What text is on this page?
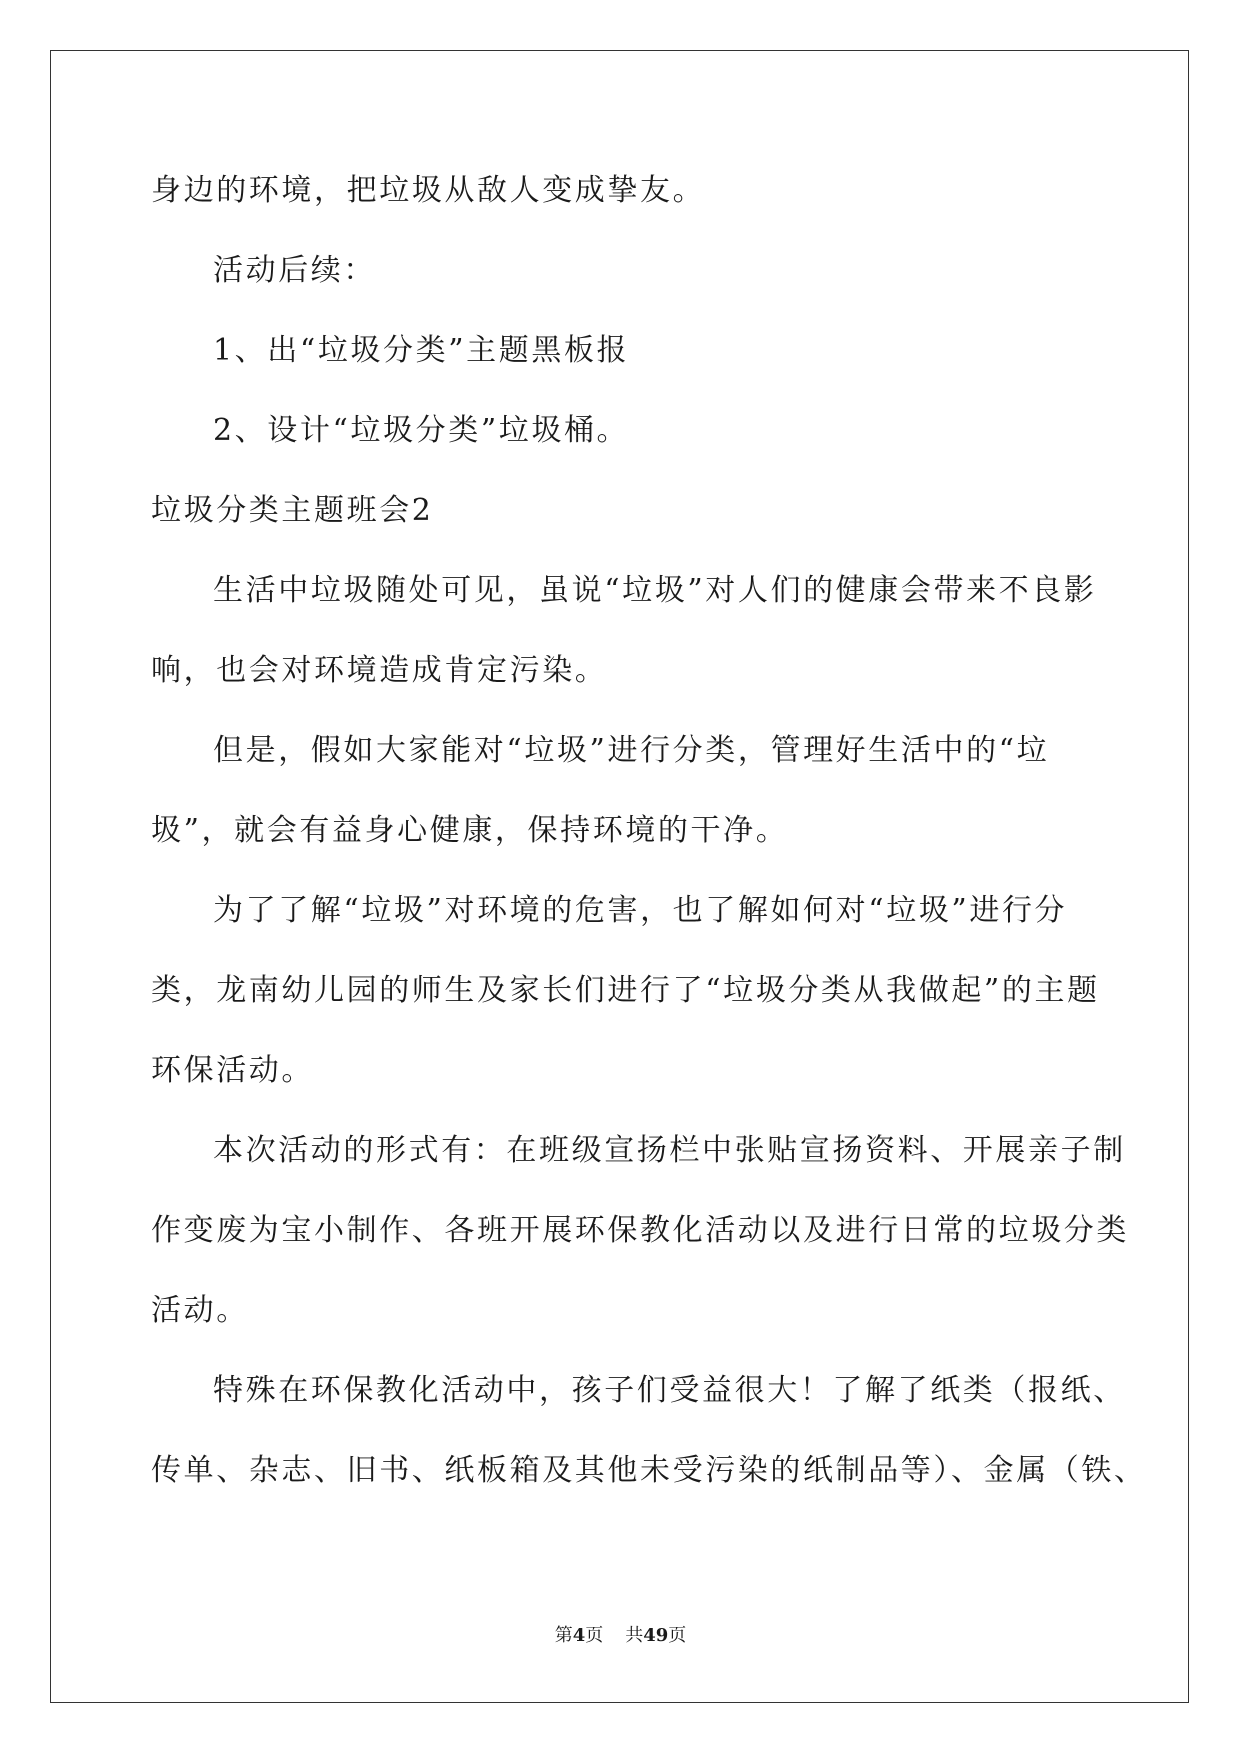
身边的环境，把垃圾从敌人变成挚友。
活动后续：
1、出“垃圾分类”主题黑板报
2、设计“垃圾分类”垃圾桶。
垃圾分类主题班会2
生活中垃圾随处可见，虽说“垃圾”对人们的健康会带来不良影
响，也会对环境造成肯定污染。
但是，假如大家能对“垃圾”进行分类，管理好生活中的“垃
圾”，就会有益身心健康，保持环境的干净。
为了了解“垃圾”对环境的危害，也了解如何对“垃圾”进行分
类，龙南幼儿园的师生及家长们进行了“垃圾分类从我做起”的主题
环保活动。
本次活动的形式有：在班级宣扬栏中张贴宣扬资料、开展亲子制
作变废为宝小制作、各班开展环保教化活动以及进行日常的垃圾分类
活动。
特殊在环保教化活动中，孩子们受益很大！了解了纸类（报纸、
传单、杂志、旧书、纸板箱及其他未受污染的纸制品等）、金属（铁、
第4页 共49页
